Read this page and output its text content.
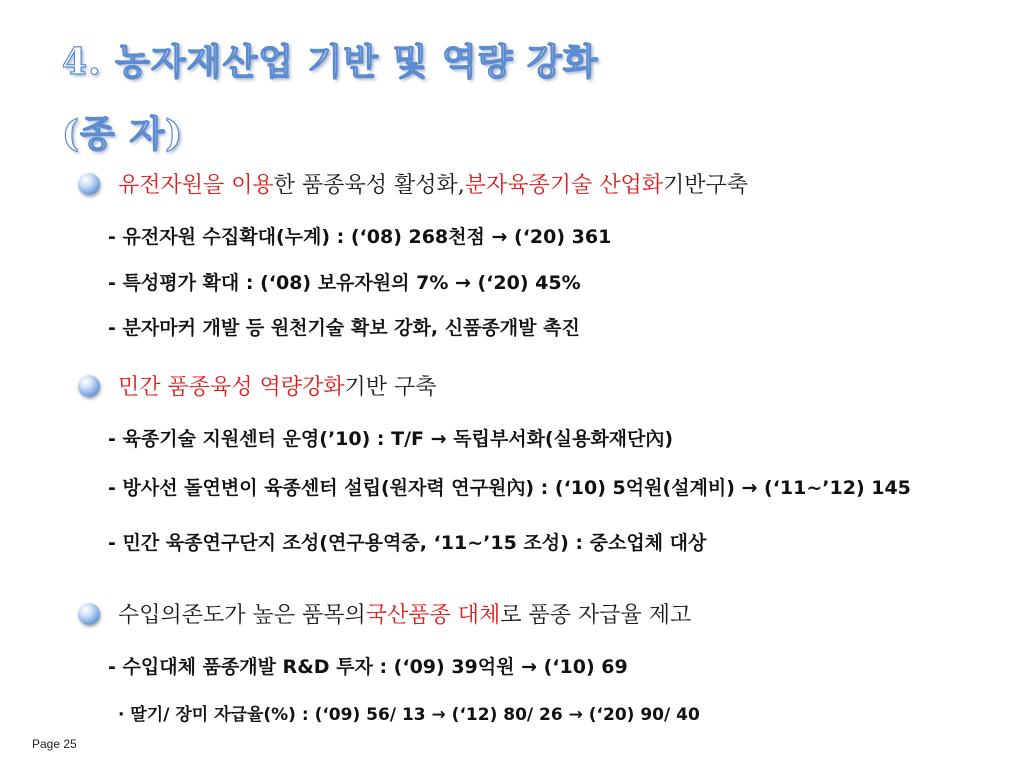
4. 농자재산업 기반 및 역량 강화
(종 자)
유전자원을 이용 한 품종육성 활성화, 분자육종기술 산업화 기반구축
- 유전자원 수집확대(누계) : (‘08) 268천점 → (‘20) 361
- 특성평가 확대 : (‘08) 보유자원의 7% → (‘20) 45%
- 분자마커 개발 등 원천기술 확보 강화, 신품종개발 촉진
민간 품종육성 역량강화 기반 구축
- 육종기술 지원센터 운영(’10) : T/F → 독립부서화(실용화재단內)
- 방사선 돌연변이 육종센터 설립(원자력 연구원內) : (‘10) 5억원(설계비) → (‘11~’12) 145
- 민간 육종연구단지 조성(연구용역중, ‘11~’15 조성) : 중소업체 대상
수입의존도가 높은 품목의 국산품종 대체 로 품종 자급율 제고
- 수입대체 품종개발 R&D 투자 : (‘09) 39억원 → (‘10) 69
· 딸기/ 장미 자급율(%) : (‘09) 56/ 13 → (‘12) 80/ 26 → (‘20) 90/ 40
Page 25
